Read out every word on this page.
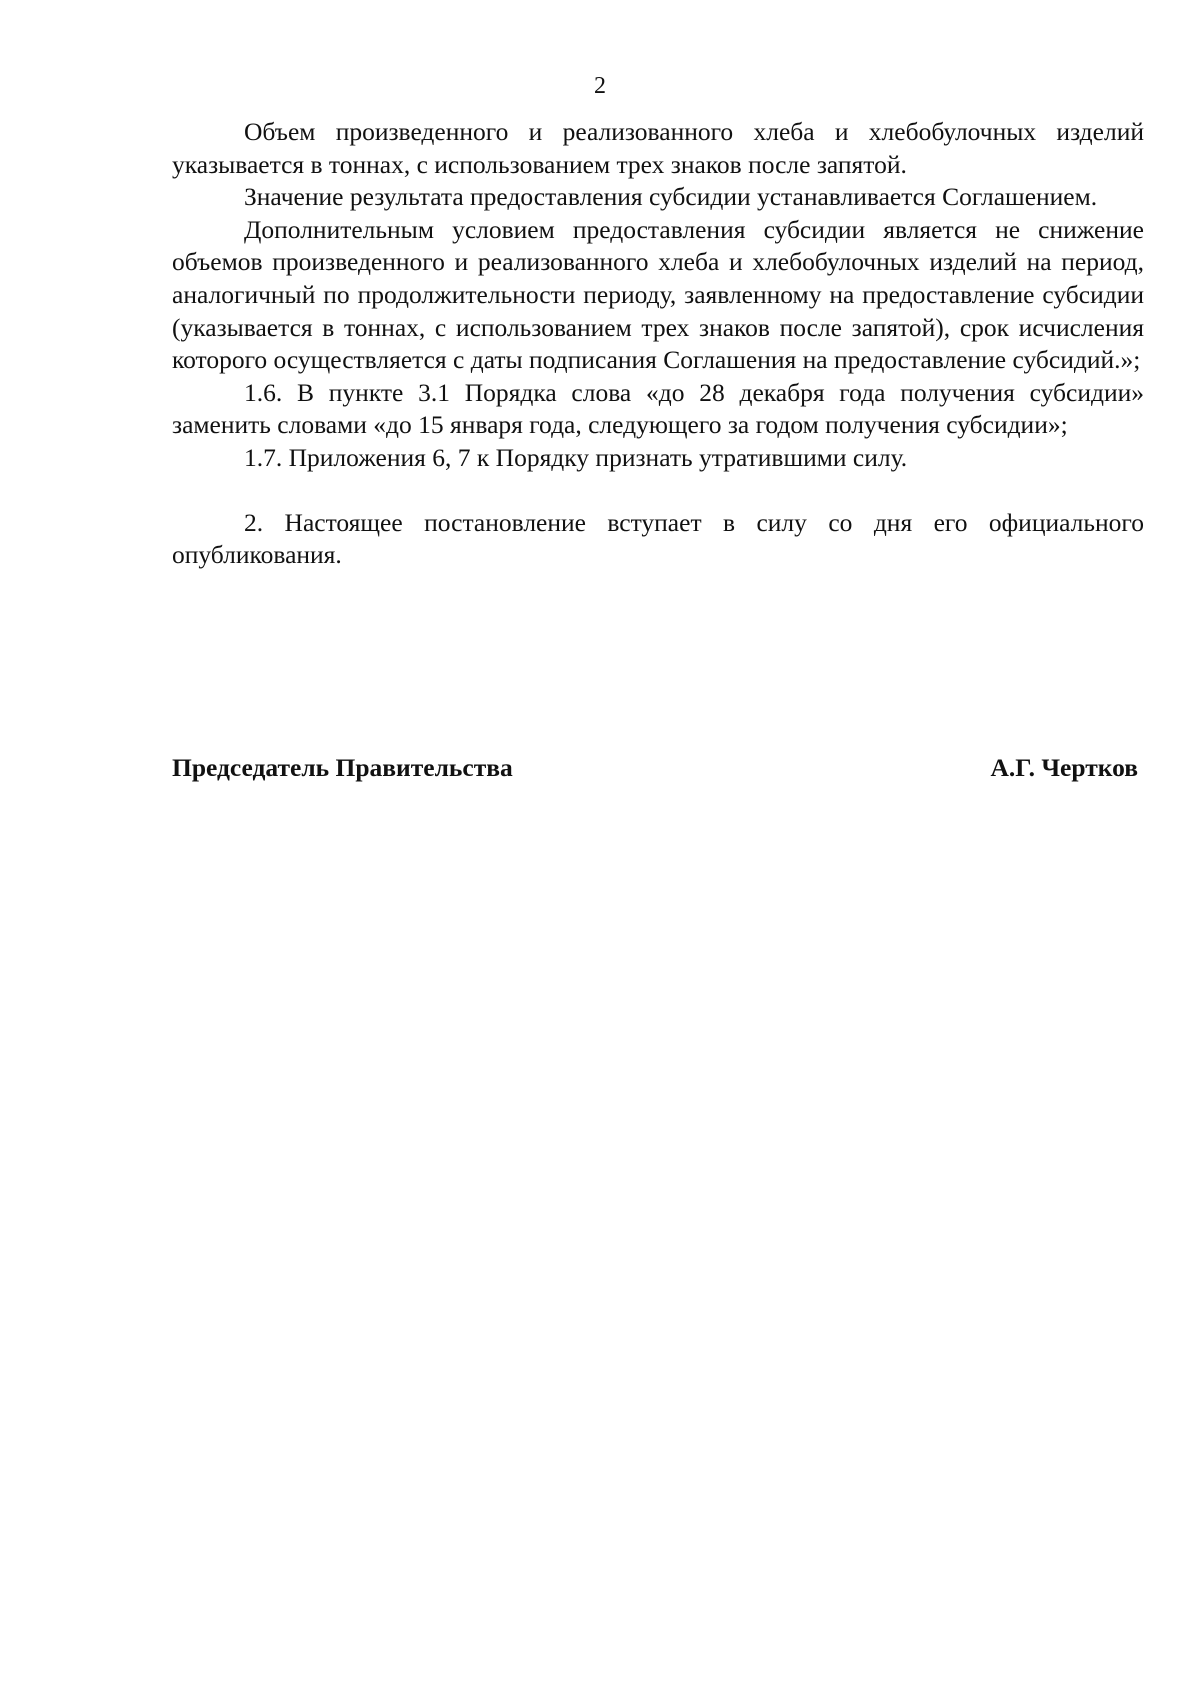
2

Объем произведенного и реализованного хлеба и хлебобулочных изделий указывается в тоннах, с использованием трех знаков после запятой.

Значение результата предоставления субсидии устанавливается Соглашением.

Дополнительным условием предоставления субсидии является не снижение объемов произведенного и реализованного хлеба и хлебобулочных изделий на период, аналогичный по продолжительности периоду, заявленному на предоставление субсидии (указывается в тоннах, с использованием трех знаков после запятой), срок исчисления которого осуществляется с даты подписания Соглашения на предоставление субсидий.»;

1.6. В пункте 3.1 Порядка слова «до 28 декабря года получения субсидии» заменить словами «до 15 января года, следующего за годом получения субсидии»;

1.7. Приложения 6, 7 к Порядку признать утратившими силу.

2. Настоящее постановление вступает в силу со дня его официального опубликования.

Председатель Правительства	А.Г. Чертков
